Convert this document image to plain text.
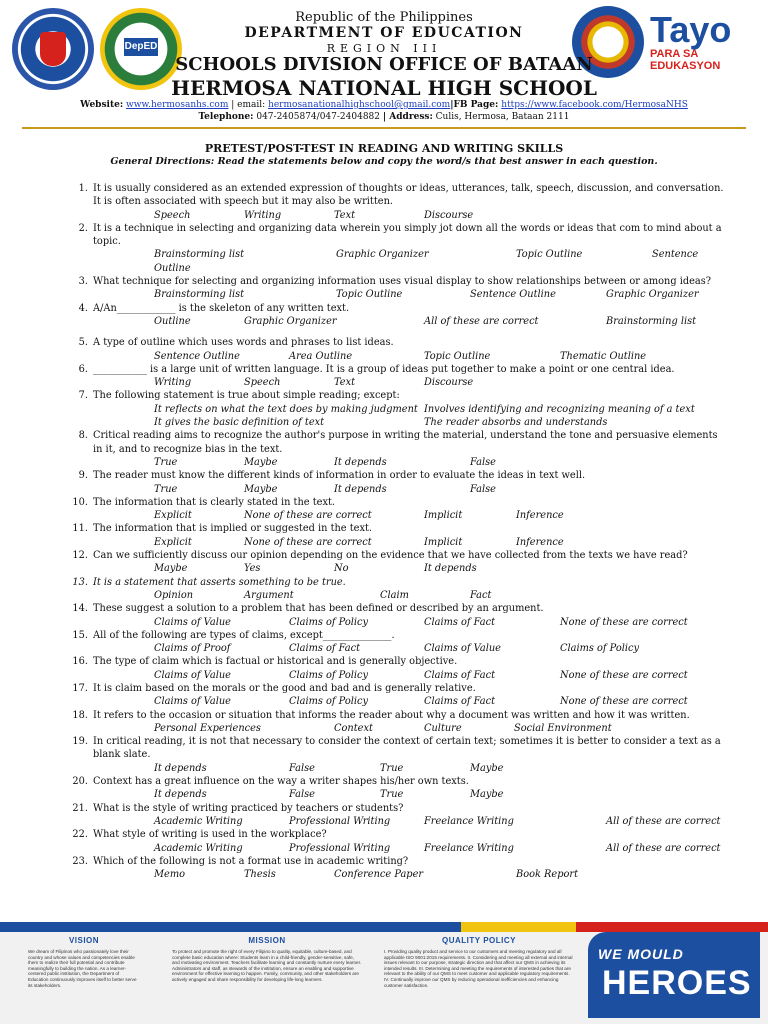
DepED	Tayo
PARA SA EDUKASYON
Republic of the Philippines
DEPARTMENT OF EDUCATION
REGION III
SCHOOLS DIVISION OFFICE OF BATAAN
HERMOSA NATIONAL HIGH SCHOOL
Website: www.hermosanhs.com | email: hermosanationalhighschool@gmail.com|FB Page: https://www.facebook.com/HermosaNHS
Telephone: 047-2405874/047-2404882 | Address: Culis, Hermosa, Bataan 2111
PRETEST/POST-TEST IN READING AND WRITING SKILLS
General Directions: Read the statements below and copy the word/s that best answer in each question.
1. It is usually considered as an extended expression of thoughts or ideas, utterances, talk, speech, discussion, and conversation. It is often associated with speech but it may also be written.
Speech	Writing	Text	Discourse
2. It is a technique in selecting and organizing data wherein you simply jot down all the words or ideas that com to mind about a topic.
Brainstorming list	Graphic Organizer	Topic Outline	Sentence
Outline
3. What technique for selecting and organizing information uses visual display to show relationships between or among ideas?
Brainstorming list	Topic Outline	Sentence Outline	Graphic Organizer
4. A/An____________ is the skeleton of any written text.
Outline	Graphic Organizer	All of these are correct	Brainstorming list
5. A type of outline which uses words and phrases to list ideas.
Sentence Outline	Area Outline	Topic Outline	Thematic Outline
6. ___________ is a large unit of written language. It is a group of ideas put together to make a point or one central idea.
Writing	Speech	Text	Discourse
7. The following statement is true about simple reading; except:
It reflects on what the text does by making judgment Involves identifying and recognizing meaning of a text
It gives the basic definition of text	The reader absorbs and understands
8. Critical reading aims to recognize the author's purpose in writing the material, understand the tone and persuasive elements in it, and to recognize bias in the text.
True	Maybe	It depends	False
9. The reader must know the different kinds of information in order to evaluate the ideas in text well.
True	Maybe	It depends	False
10. The information that is clearly stated in the text.
Explicit	None of these are correct	Implicit	Inference
11. The information that is implied or suggested in the text.
Explicit	None of these are correct	Implicit	Inference
12. Can we sufficiently discuss our opinion depending on the evidence that we have collected from the texts we have read?
Maybe	Yes	No	It depends
13. It is a statement that asserts something to be true.
Opinion	Argument	Claim	Fact
14. These suggest a solution to a problem that has been defined or described by an argument.
Claims of Value	Claims of Policy	Claims of Fact	None of these are correct
15. All of the following are types of claims, except______________.
Claims of Proof	Claims of Fact	Claims of Value	Claims of Policy
16. The type of claim which is factual or historical and is generally objective.
Claims of Value	Claims of Policy	Claims of Fact	None of these are correct
17. It is claim based on the morals or the good and bad and is generally relative.
Claims of Value	Claims of Policy	Claims of Fact	None of these are correct
18. It refers to the occasion or situation that informs the reader about why a document was written and how it was written.
Personal Experiences	Context	Culture	Social Environment
19. In critical reading, it is not that necessary to consider the context of certain text; sometimes it is better to consider a text as a blank slate.
It depends	False	True	Maybe
20. Context has a great influence on the way a writer shapes his/her own texts.
It depends	False	True	Maybe
21. What is the style of writing practiced by teachers or students?
Academic Writing	Professional Writing	Freelance Writing	All of these are correct
22. What style of writing is used in the workplace?
Academic Writing	Professional Writing	Freelance Writing	All of these are correct
23. Which of the following is not a format use in academic writing?
Memo	Thesis	Conference Paper	Book Report
VISION
We dream of Filipinos who passionately love their country and whose values and competencies enable them to realize their full potential and contribute meaningfully to building the nation. As a learner-centered public institution, the Department of Education continuously improves itself to better serve its stakeholders.
MISSION
To protect and promote the right of every Filipino to quality, equitable, culture-based, and complete basic education where: Students learn in a child-friendly, gender-sensitive, safe, and motivating environment. Teachers facilitate learning and constantly nurture every learner. Administrators and staff, as stewards of the institution, ensure an enabling and supportive environment for effective learning to happen. Family, community, and other stakeholders are actively engaged and share responsibility for developing life-long learners.
QUALITY POLICY
I. Providing quality product and service to our customers and meeting regulatory and all applicable ISO 9001:2015 requirements. II. Considering and meeting all external and internal issues relevant to our purpose, strategic direction and that affect our QMS in achieving its intended results. III. Determining and meeting the requirements of interested parties that are relevant to the ability of our QMS to meet customer and applicable regulatory requirements. IV. Continually improve our QMS by reducing operational inefficiencies and enhancing customer satisfaction.
WE MOULD
HEROES
